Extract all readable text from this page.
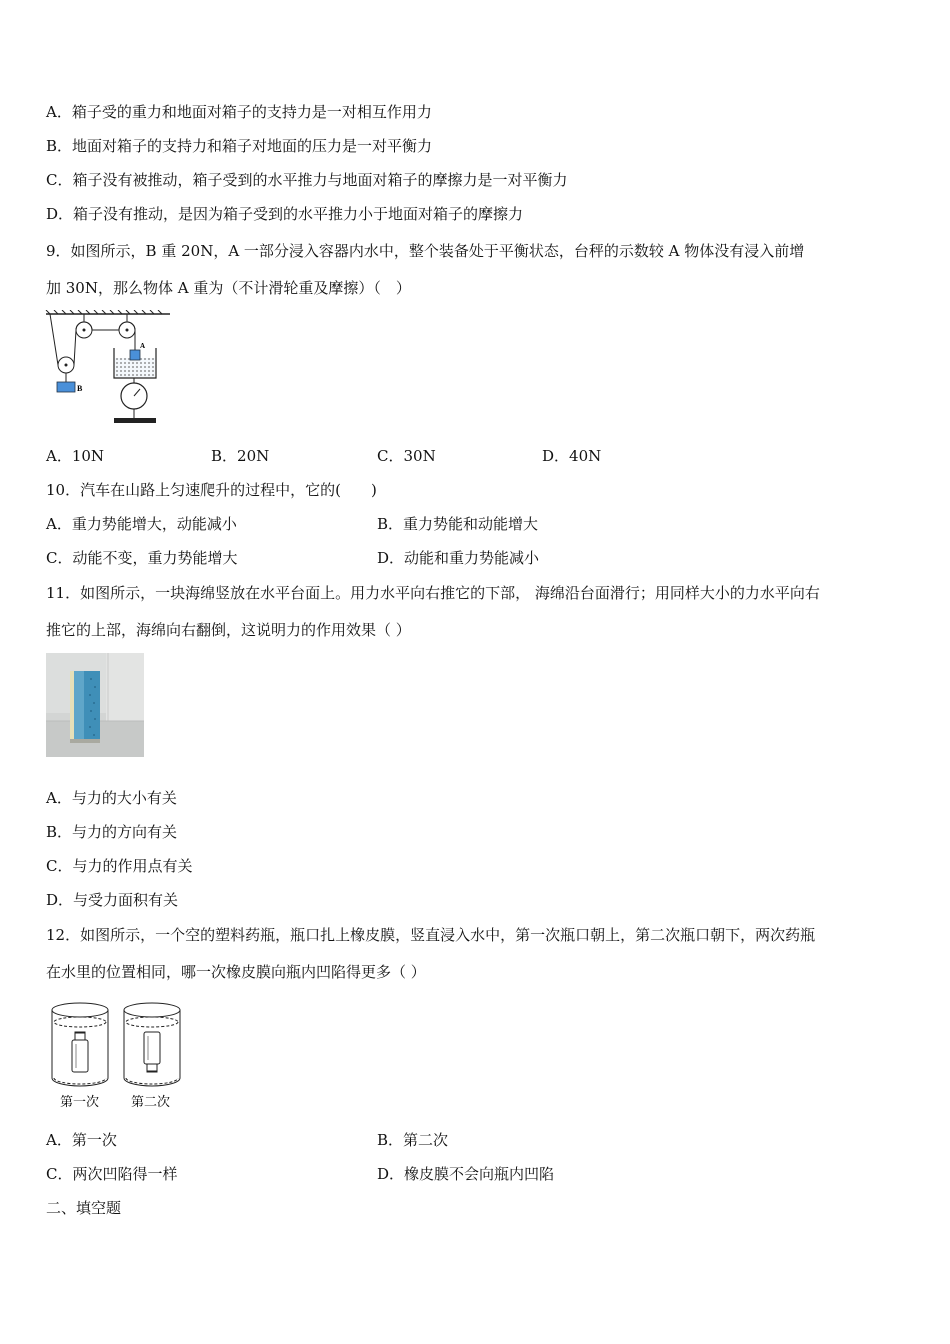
A．箱子受的重力和地面对箱子的支持力是一对相互作用力
B．地面对箱子的支持力和箱子对地面的压力是一对平衡力
C．箱子没有被推动，箱子受到的水平推力与地面对箱子的摩擦力是一对平衡力
D．箱子没有推动，是因为箱子受到的水平推力小于地面对箱子的摩擦力
9．如图所示，B 重 20N，A 一部分浸入容器内水中，整个装备处于平衡状态，台秤的示数较 A 物体没有浸入前增
加 30N，那么物体 A 重为（不计滑轮重及摩擦）（　）
B
A
A．10N	B．20N	C．30N	D．40N
10．汽车在山路上匀速爬升的过程中，它的(　　)
A．重力势能增大，动能减小	B．重力势能和动能增大
C．动能不变，重力势能增大	D．动能和重力势能减小
11．如图所示，一块海绵竖放在水平台面上。用力水平向右推它的下部， 海绵沿台面滑行；用同样大小的力水平向右
推它的上部，海绵向右翻倒，这说明力的作用效果（ ）
A．与力的大小有关
B．与力的方向有关
C．与力的作用点有关
D．与受力面积有关
12．如图所示，一个空的塑料药瓶，瓶口扎上橡皮膜，竖直浸入水中，第一次瓶口朝上，第二次瓶口朝下，两次药瓶
在水里的位置相同，哪一次橡皮膜向瓶内凹陷得更多（ ）
第一次 第二次
A．第一次	B．第二次
C．两次凹陷得一样	D．橡皮膜不会向瓶内凹陷
二、填空题
